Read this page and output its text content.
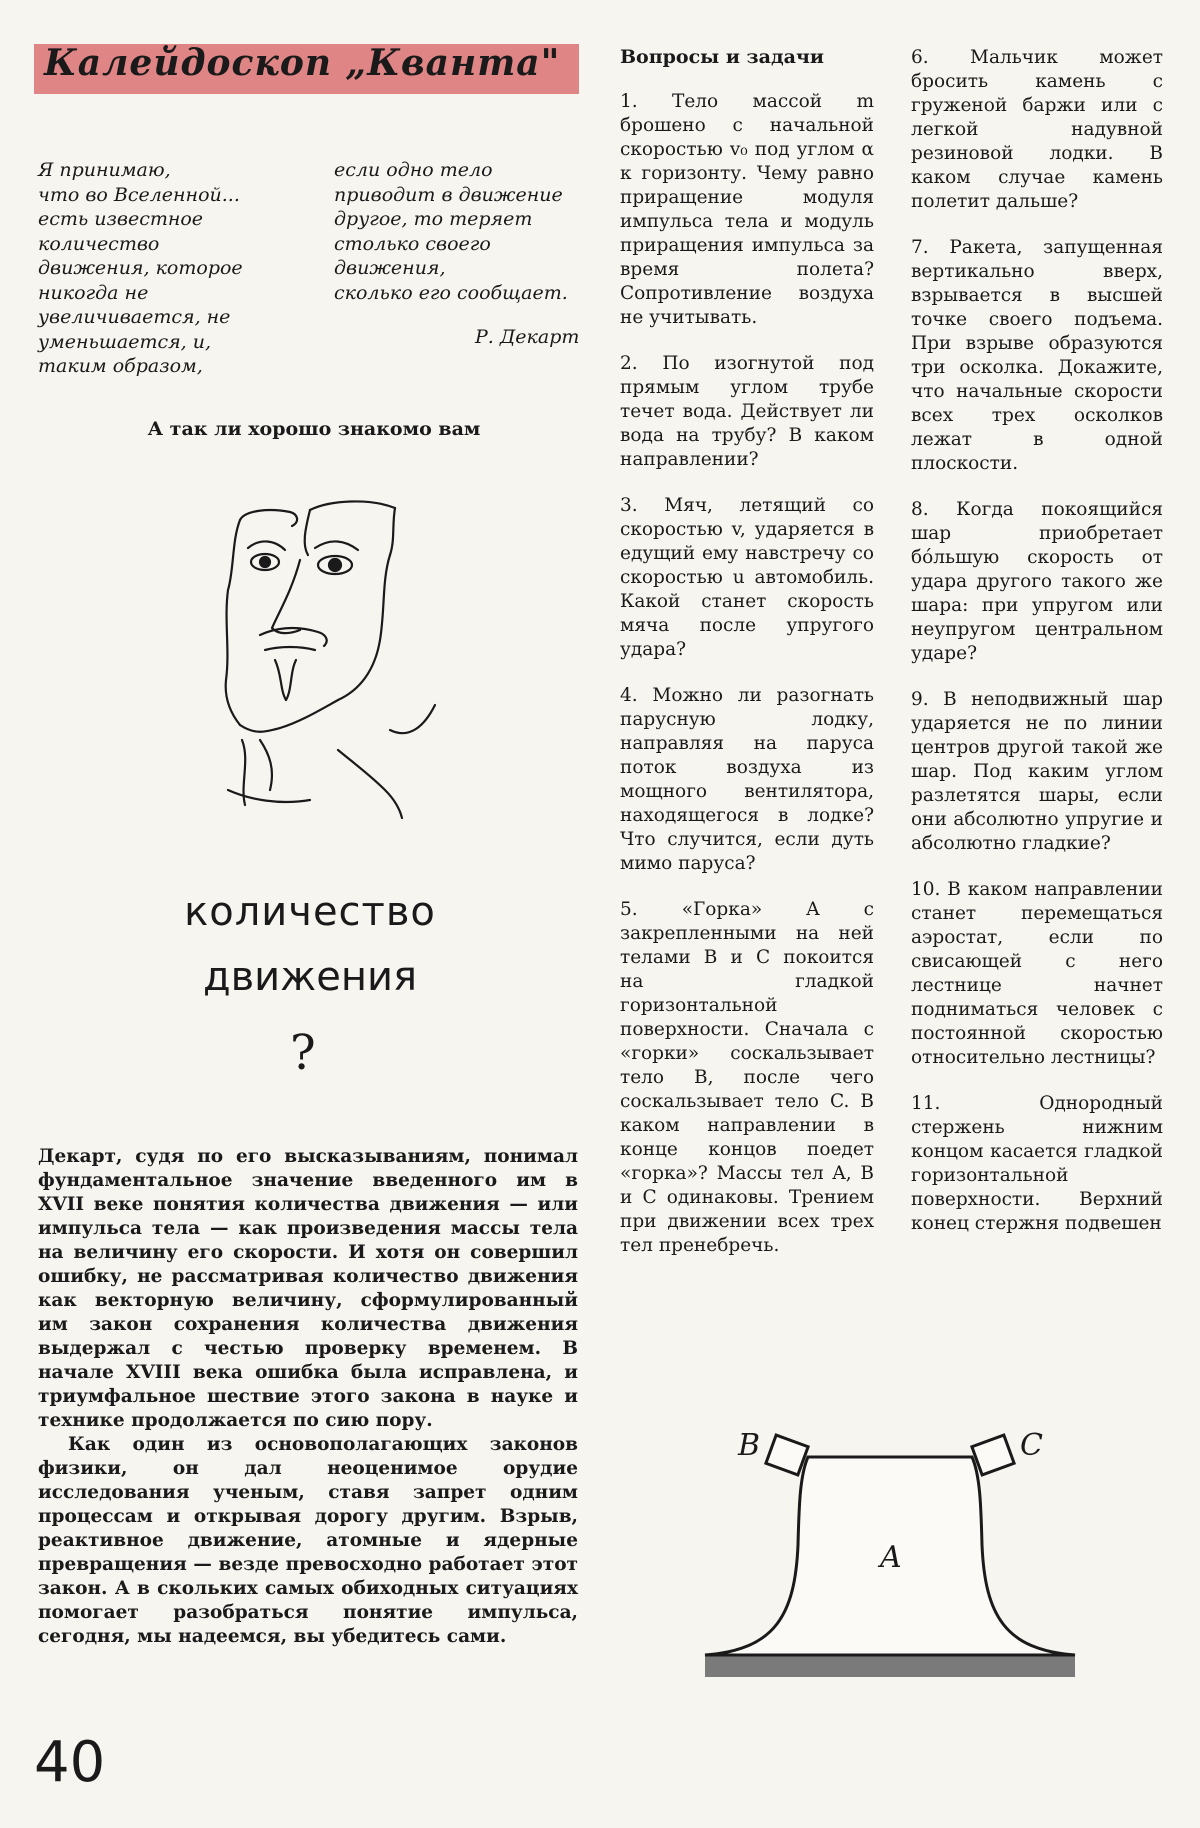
Калейдоскоп „Кванта"

Я принимаю,

что во Вселенной...

есть известное

количество

движения, которое

никогда не

увеличивается, не

уменьшается, и,

таким образом,

если одно тело

приводит в движение

другое, то теряет

столько своего

движения,

сколько его сообщает.

Р. Декарт
А так ли хорошо знакомо вам
количество
движения
?

Декарт, судя по его высказываниям, понимал фундаментальное значение введенного им в XVII веке понятия количества движения — или импульса тела — как произведения массы тела на величину его скорости. И хотя он совершил ошибку, не рассматривая количество движения как векторную величину, сформулированный им закон сохранения количества движения выдержал с честью проверку временем. В начале XVIII века ошибка была исправлена, и триумфальное шествие этого закона в науке и технике продолжается по сию пору.

Как один из основополагающих законов физики, он дал неоценимое орудие исследования ученым, ставя запрет одним процессам и открывая дорогу другим. Взрыв, реактивное движение, атомные и ядерные превращения — везде превосходно работает этот закон. А в скольких самых обиходных ситуациях помогает разобраться понятие импульса, сегодня, мы надеемся, вы убедитесь сами.

Вопросы и задачи

1. Тело массой m брошено с начальной скоростью v₀ под углом α к горизонту. Чему равно приращение модуля импульса тела и модуль приращения импульса за время полета? Сопротивление воздуха не учитывать.

2. По изогнутой под прямым углом трубе течет вода. Действует ли вода на трубу? В каком направлении?

3. Мяч, летящий со скоростью v, ударяется в едущий ему навстречу со скоростью u автомобиль. Какой станет скорость мяча после упругого удара?

4. Можно ли разогнать парусную лодку, направляя на паруса поток воздуха из мощного вентилятора, находящегося в лодке? Что случится, если дуть мимо паруса?

5. «Горка» A с закрепленными на ней телами B и C покоится на гладкой горизонтальной поверхности. Сначала с «горки» соскальзывает тело B, после чего соскальзывает тело C. В каком направлении в конце концов поедет «горка»? Массы тел A, B и C одинаковы. Трением при движении всех трех тел пренебречь.

6. Мальчик может бросить камень с груженой баржи или с легкой надувной резиновой лодки. В каком случае камень полетит дальше?

7. Ракета, запущенная вертикально вверх, взрывается в высшей точке своего подъема. При взрыве образуются три осколка. Докажите, что начальные скорости всех трех осколков лежат в одной плоскости.

8. Когда покоящийся шар приобретает бóльшую скорость от удара другого такого же шара: при упругом или неупругом центральном ударе?

9. В неподвижный шар ударяется не по линии центров другой такой же шар. Под каким углом разлетятся шары, если они абсолютно упругие и абсолютно гладкие?

10. В каком направлении станет перемещаться аэростат, если по свисающей с него лестнице начнет подниматься человек с постоянной скоростью относительно лестницы?

11. Однородный стержень нижним концом касается гладкой горизонтальной поверхности. Верхний конец стержня подвешен

A
B	C
40
